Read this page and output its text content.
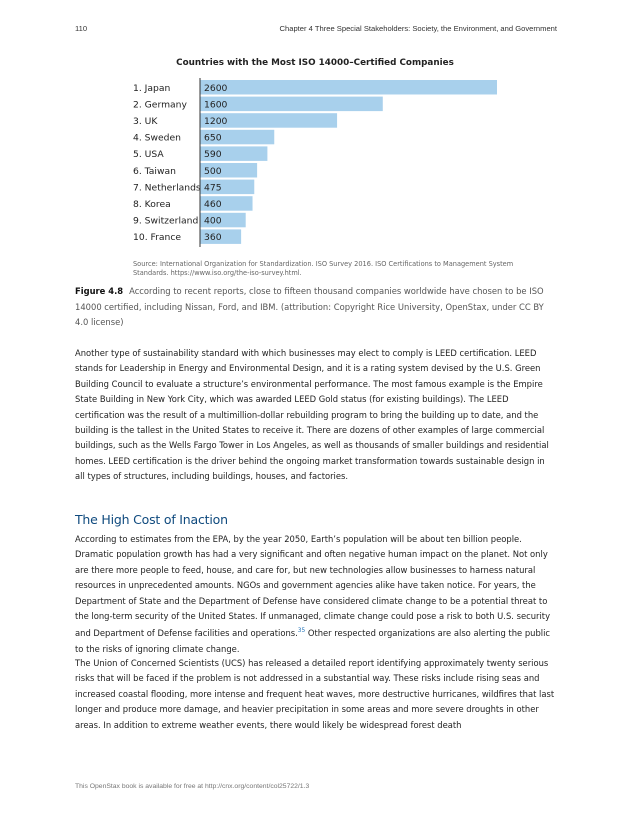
110	Chapter 4 Three Special Stakeholders: Society, the Environment, and Government
Countries with the Most ISO 14000–Certified Companies
1. Japan	2600
2. Germany 1600
3. UK	1200
4. Sweden	650
5. USA	590
6. Taiwan	500
7. Netherlands 475
8. Korea	460
9. Switzerland 400
10. France 360
Source: International Organization for Standardization. ISO Survey 2016. ISO Certifications to Management System Standards. https://www.iso.org/the-iso-survey.html.
Figure 4.8 According to recent reports, close to fifteen thousand companies worldwide have chosen to be ISO 14000 certified, including Nissan, Ford, and IBM. (attribution: Copyright Rice University, OpenStax, under CC BY 4.0 license)
Another type of sustainability standard with which businesses may elect to comply is LEED certification. LEED stands for Leadership in Energy and Environmental Design, and it is a rating system devised by the U.S. Green Building Council to evaluate a structure’s environmental performance. The most famous example is the Empire State Building in New York City, which was awarded LEED Gold status (for existing buildings). The LEED certification was the result of a multimillion-dollar rebuilding program to bring the building up to date, and the building is the tallest in the United States to receive it. There are dozens of other examples of large commercial buildings, such as the Wells Fargo Tower in Los Angeles, as well as thousands of smaller buildings and residential homes. LEED certification is the driver behind the ongoing market transformation towards sustainable design in all types of structures, including buildings, houses, and factories.
The High Cost of Inaction
According to estimates from the EPA, by the year 2050, Earth’s population will be about ten billion people. Dramatic population growth has had a very significant and often negative human impact on the planet. Not only are there more people to feed, house, and care for, but new technologies allow businesses to harness natural resources in unprecedented amounts. NGOs and government agencies alike have taken notice. For years, the Department of State and the Department of Defense have considered climate change to be a potential threat to the long-term security of the United States. If unmanaged, climate change could pose a risk to both U.S. security and Department of Defense facilities and operations.$^{35}$ Other respected organizations are also alerting the public to the risks of ignoring climate change.
The Union of Concerned Scientists (UCS) has released a detailed report identifying approximately twenty serious risks that will be faced if the problem is not addressed in a substantial way. These risks include rising seas and increased coastal flooding, more intense and frequent heat waves, more destructive hurricanes, wildfires that last longer and produce more damage, and heavier precipitation in some areas and more severe droughts in other areas. In addition to extreme weather events, there would likely be widespread forest death
This OpenStax book is available for free at http://cnx.org/content/col25722/1.3
